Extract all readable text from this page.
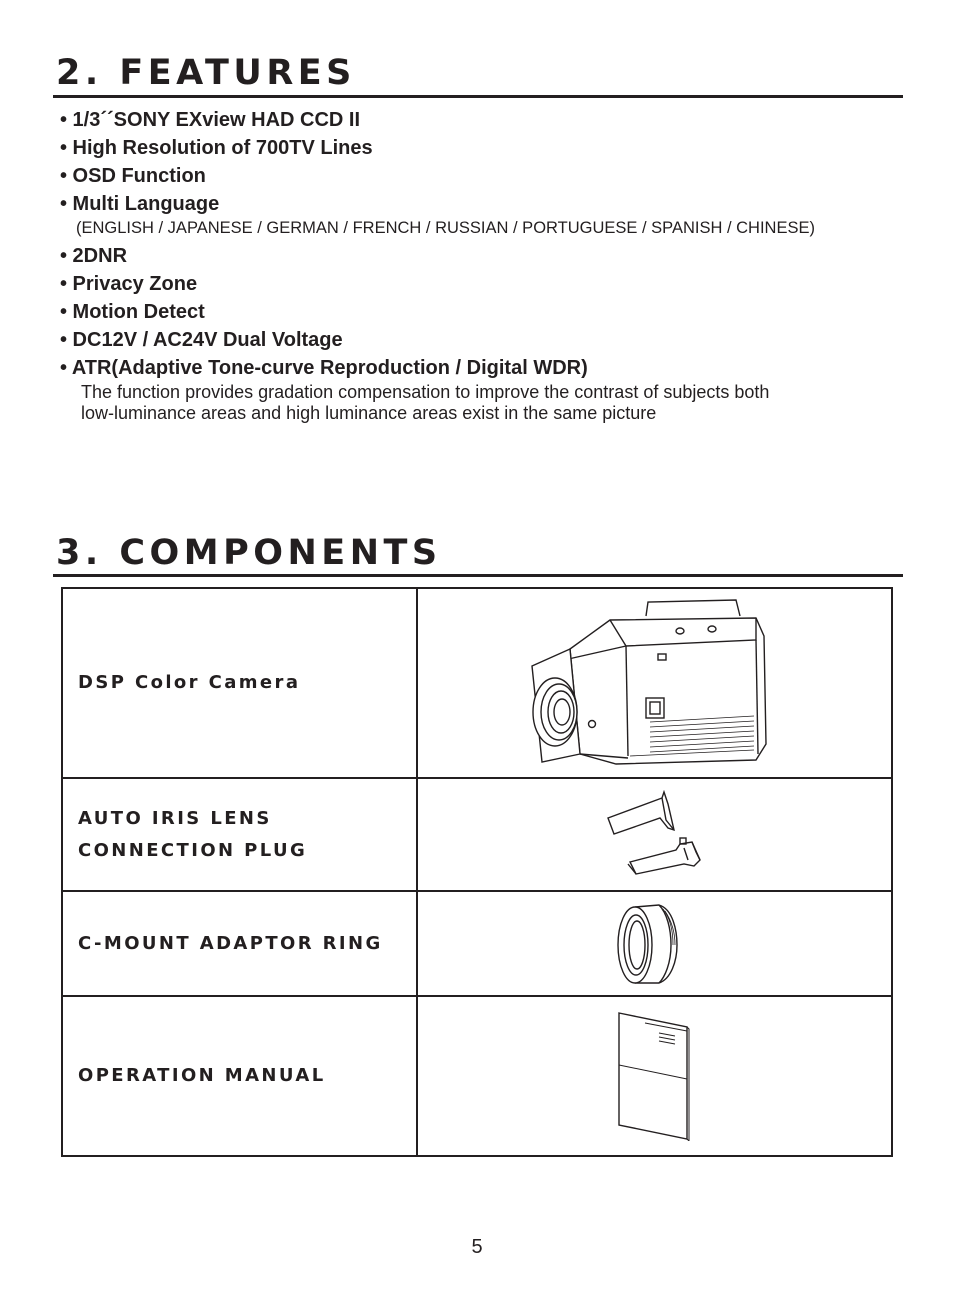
2. FEATURES
• 1/3´´SONY EXview HAD CCD II
• High Resolution of 700TV Lines
• OSD Function
• Multi Language
(ENGLISH / JAPANESE / GERMAN / FRENCH / RUSSIAN / PORTUGUESE / SPANISH / CHINESE)
• 2DNR
• Privacy Zone
• Motion Detect
• DC12V / AC24V Dual Voltage
• ATR(Adaptive Tone-curve Reproduction / Digital WDR)
The function provides gradation compensation to improve the contrast of subjects both
low-luminance areas and high luminance areas exist in the same picture
3. COMPONENTS
DSP Color Camera	

AUTO IRIS LENS
CONNECTION PLUG

C-MOUNT ADAPTOR RING	

OPERATION MANUAL	
5
